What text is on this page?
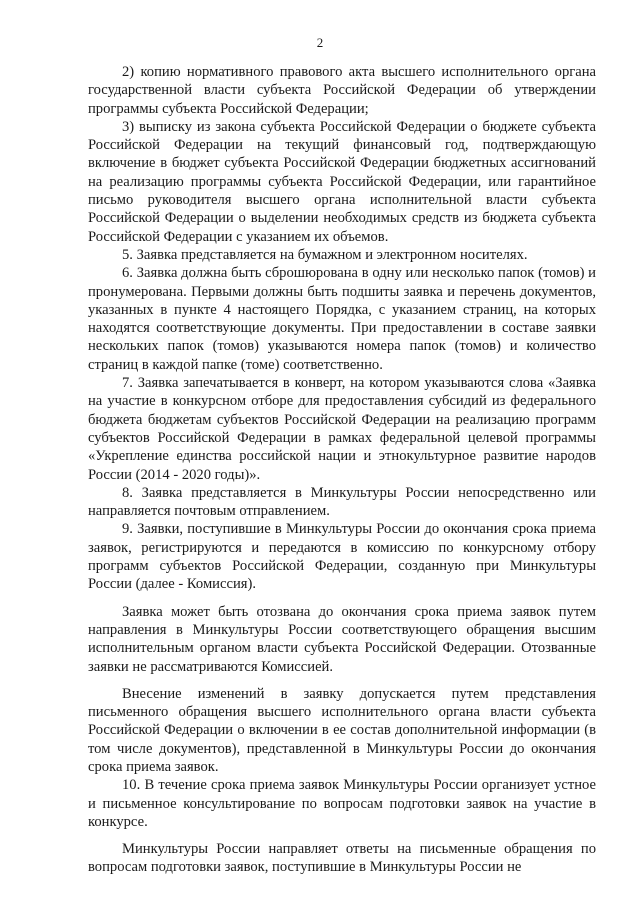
2

2) копию нормативного правового акта высшего исполнительного органа государственной власти субъекта Российской Федерации об утверждении программы субъекта Российской Федерации;

3) выписку из закона субъекта Российской Федерации о бюджете субъекта Российской Федерации на текущий финансовый год, подтверждающую включение в бюджет субъекта Российской Федерации бюджетных ассигнований на реализацию программы субъекта Российской Федерации, или гарантийное письмо руководителя высшего органа исполнительной власти субъекта Российской Федерации о выделении необходимых средств из бюджета субъекта Российской Федерации с указанием их объемов.

5. Заявка представляется на бумажном и электронном носителях.

6. Заявка должна быть сброшюрована в одну или несколько папок (томов) и пронумерована. Первыми должны быть подшиты заявка и перечень документов, указанных в пункте 4 настоящего Порядка, с указанием страниц, на которых находятся соответствующие документы. При предоставлении в составе заявки нескольких папок (томов) указываются номера папок (томов) и количество страниц в каждой папке (томе) соответственно.

7. Заявка запечатывается в конверт, на котором указываются слова «Заявка на участие в конкурсном отборе для предоставления субсидий из федерального бюджета бюджетам субъектов Российской Федерации на реализацию программ субъектов Российской Федерации в рамках федеральной целевой программы «Укрепление единства российской нации и этнокультурное развитие народов России (2014 - 2020 годы)».

8. Заявка представляется в Минкультуры России непосредственно или направляется почтовым отправлением.

9. Заявки, поступившие в Минкультуры России до окончания срока приема заявок, регистрируются и передаются в комиссию по конкурсному отбору программ субъектов Российской Федерации, созданную при Минкультуры России (далее - Комиссия).

Заявка может быть отозвана до окончания срока приема заявок путем направления в Минкультуры России соответствующего обращения высшим исполнительным органом власти субъекта Российской Федерации. Отозванные заявки не рассматриваются Комиссией.

Внесение изменений в заявку допускается путем представления письменного обращения высшего исполнительного органа власти субъекта Российской Федерации о включении в ее состав дополнительной информации (в том числе документов), представленной в Минкультуры России до окончания срока приема заявок.

10. В течение срока приема заявок Минкультуры России организует устное и письменное консультирование по вопросам подготовки заявок на участие в конкурсе.

Минкультуры России направляет ответы на письменные обращения по вопросам подготовки заявок, поступившие в Минкультуры России не
